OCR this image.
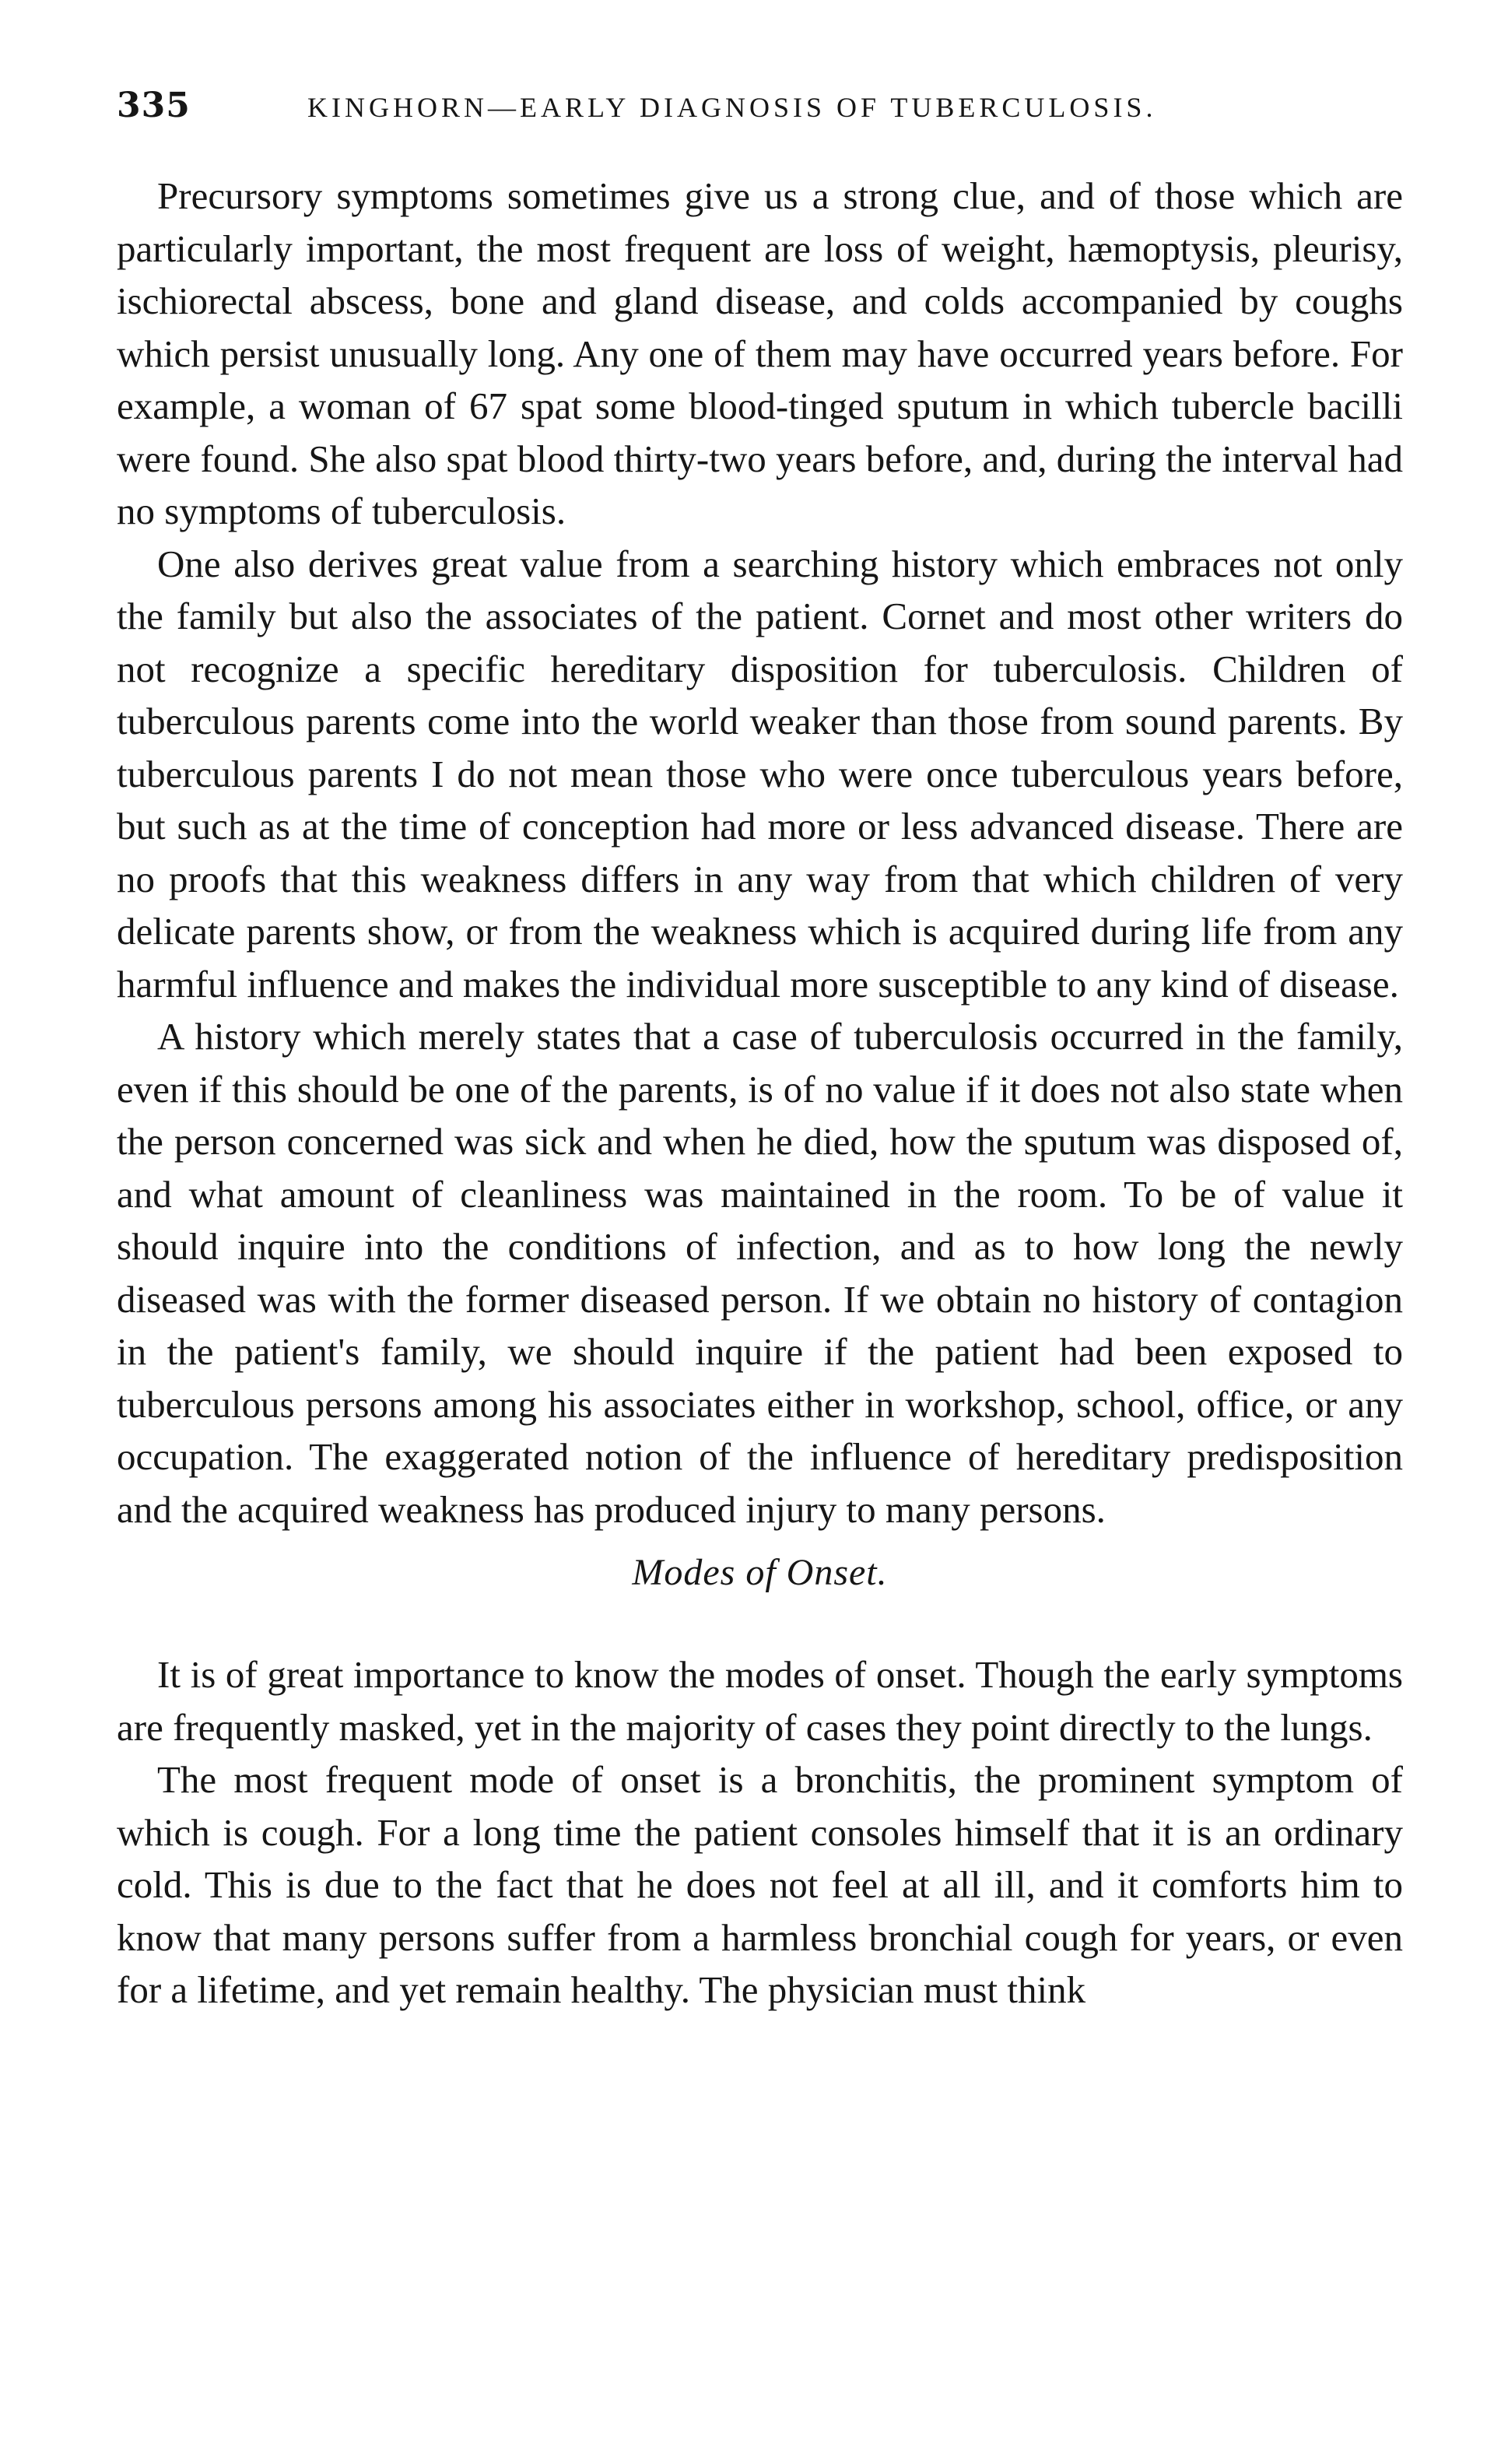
335	KINGHORN—EARLY DIAGNOSIS OF TUBERCULOSIS.

Precursory symptoms sometimes give us a strong clue, and of those which are particularly important, the most frequent are loss of weight, hæmoptysis, pleurisy, ischiorectal abscess, bone and gland disease, and colds accompanied by coughs which persist unusually long. Any one of them may have occurred years before. For example, a woman of 67 spat some blood-tinged sputum in which tubercle bacilli were found. She also spat blood thirty-two years before, and, during the interval had no symptoms of tuberculosis.

One also derives great value from a searching history which embraces not only the family but also the associates of the patient. Cornet and most other writers do not recognize a specific hereditary disposition for tuberculosis. Children of tuberculous parents come into the world weaker than those from sound parents. By tuberculous parents I do not mean those who were once tuberculous years before, but such as at the time of conception had more or less advanced disease. There are no proofs that this weakness differs in any way from that which children of very delicate parents show, or from the weakness which is acquired during life from any harmful influence and makes the individual more susceptible to any kind of disease.

A history which merely states that a case of tuberculosis occurred in the family, even if this should be one of the parents, is of no value if it does not also state when the person concerned was sick and when he died, how the sputum was disposed of, and what amount of cleanliness was maintained in the room. To be of value it should inquire into the conditions of infection, and as to how long the newly diseased was with the former diseased person. If we obtain no history of contagion in the patient's family, we should inquire if the patient had been exposed to tuberculous persons among his associates either in workshop, school, office, or any occupation. The exaggerated notion of the influence of hereditary predisposition and the acquired weakness has produced injury to many persons.

Modes of Onset.

It is of great importance to know the modes of onset. Though the early symptoms are frequently masked, yet in the majority of cases they point directly to the lungs.

The most frequent mode of onset is a bronchitis, the prominent symptom of which is cough. For a long time the patient consoles himself that it is an ordinary cold. This is due to the fact that he does not feel at all ill, and it comforts him to know that many persons suffer from a harmless bronchial cough for years, or even for a lifetime, and yet remain healthy. The physician must think
